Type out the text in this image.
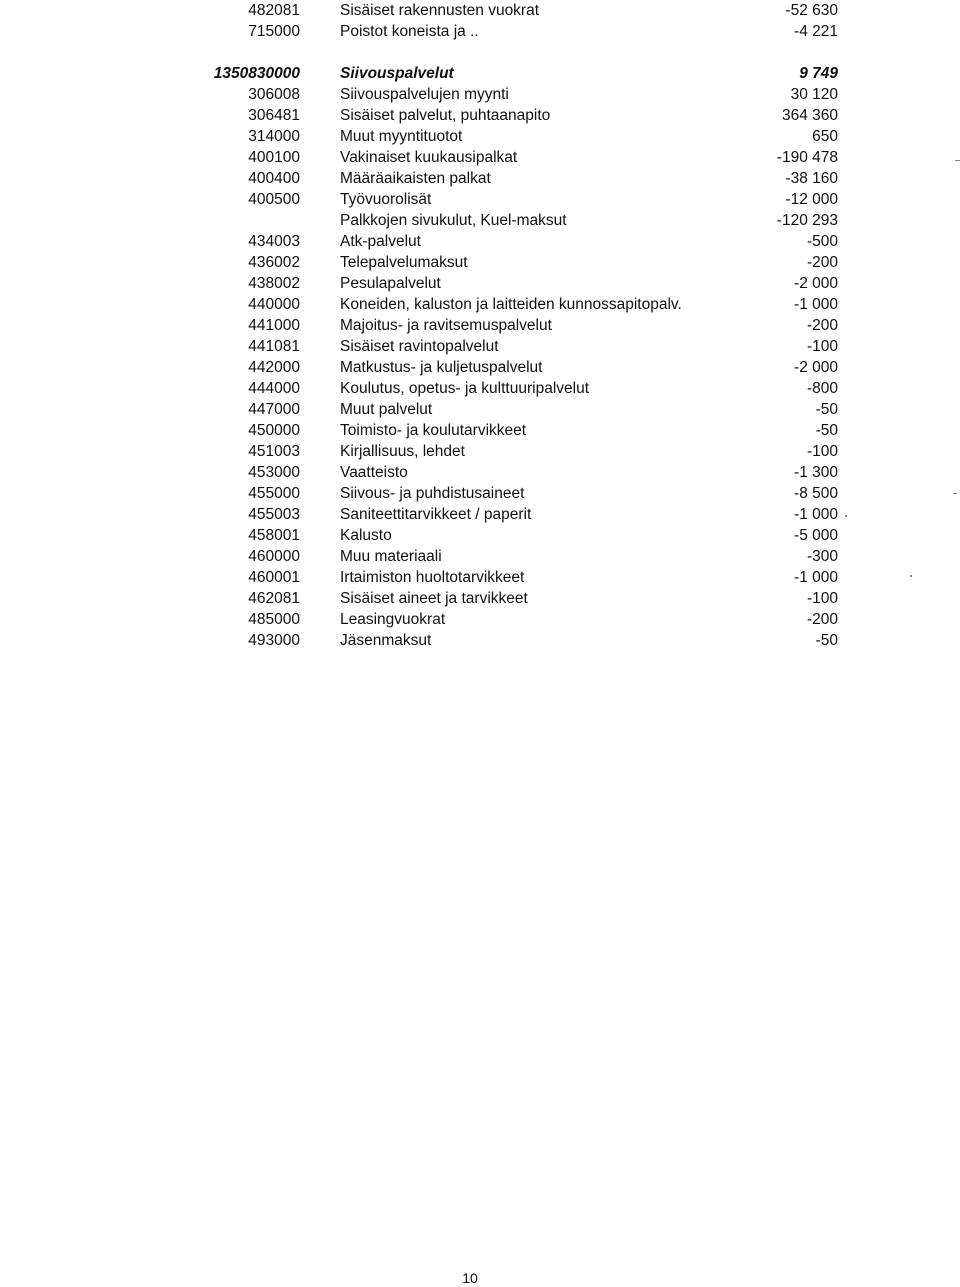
482081	Sisäiset rakennusten vuokrat	-52 630
715000	Poistot koneista ja ..	-4 221
1350830000	Siivouspalvelut	9 749
306008	Siivouspalvelujen myynti	30 120
306481	Sisäiset palvelut, puhtaanapito	364 360
314000	Muut myyntituotot	650
400100	Vakinaiset kuukausipalkat	-190 478
400400	Määräaikaisten palkat	-38 160
400500	Työvuorolisät	-12 000
Palkkojen sivukulut, Kuel-maksut	-120 293
434003	Atk-palvelut	-500
436002	Telepalvelumaksut	-200
438002	Pesulapalvelut	-2 000
440000	Koneiden, kaluston ja laitteiden kunnossapitopalv.	-1 000
441000	Majoitus- ja ravitsemuspalvelut	-200
441081	Sisäiset ravintopalvelut	-100
442000	Matkustus- ja kuljetuspalvelut	-2 000
444000	Koulutus, opetus- ja kulttuuripalvelut	-800
447000	Muut palvelut	-50
450000	Toimisto- ja koulutarvikkeet	-50
451003	Kirjallisuus, lehdet	-100
453000	Vaatteisto	-1 300
455000	Siivous- ja puhdistusaineet	-8 500
455003	Saniteettitarvikkeet / paperit	-1 000
458001	Kalusto	-5 000
460000	Muu materiaali	-300
460001	Irtaimiston huoltotarvikkeet	-1 000
462081	Sisäiset aineet ja tarvikkeet	-100
485000	Leasingvuokrat	-200
493000	Jäsenmaksut	-50
10
